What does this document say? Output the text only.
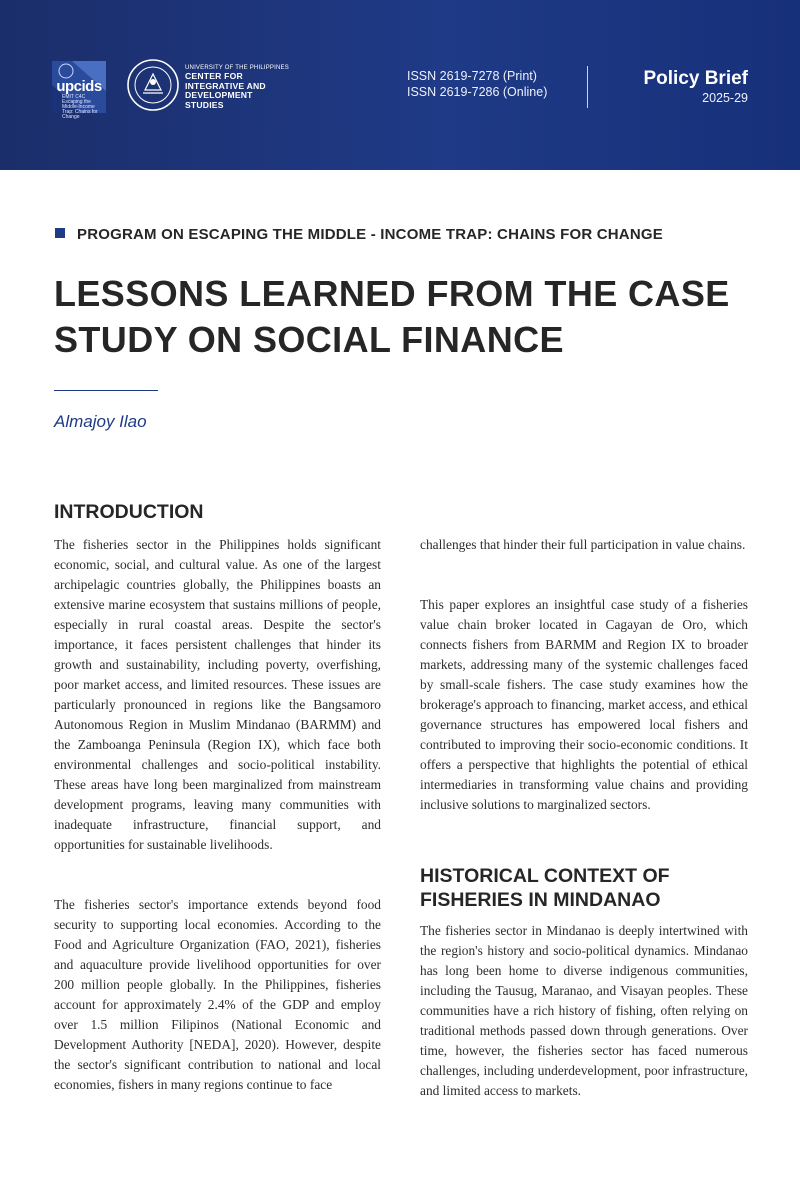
upcids
EMIT C4C Escaping the Middle-Income Trap: Chains for Change
UNIVERSITY OF THE PHILIPPINES
CENTER FOR
INTEGRATIVE AND
DEVELOPMENT
STUDIES
ISSN 2619-7278 (Print)
ISSN 2619-7286 (Online)
Policy Brief
2025-29
PROGRAM ON ESCAPING THE MIDDLE - INCOME TRAP: CHAINS FOR CHANGE
LESSONS LEARNED FROM THE CASE STUDY ON SOCIAL FINANCE
Almajoy Ilao
INTRODUCTION

The fisheries sector in the Philippines holds significant economic, social, and cultural value. As one of the largest archipelagic countries globally, the Philippines boasts an extensive marine ecosystem that sustains millions of people, especially in rural coastal areas. Despite the sector's importance, it faces persistent challenges that hinder its growth and sustainability, including poverty, overfishing, poor market access, and limited resources. These issues are particularly pronounced in regions like the Bangsamoro Autonomous Region in Muslim Mindanao (BARMM) and the Zamboanga Peninsula (Region IX), which face both environmental challenges and socio-political instability. These areas have long been marginalized from mainstream development programs, leaving many communities with inadequate infrastructure, financial support, and opportunities for sustainable livelihoods.

The fisheries sector's importance extends beyond food security to supporting local economies. According to the Food and Agriculture Organization (FAO, 2021), fisheries and aquaculture provide livelihood opportunities for over 200 million people globally. In the Philippines, fisheries account for approximately 2.4% of the GDP and employ over 1.5 million Filipinos (National Economic and Development Authority [NEDA], 2020). However, despite the sector's significant contribution to national and local economies, fishers in many regions continue to face

challenges that hinder their full participation in value chains.

This paper explores an insightful case study of a fisheries value chain broker located in Cagayan de Oro, which connects fishers from BARMM and Region IX to broader markets, addressing many of the systemic challenges faced by small-scale fishers. The case study examines how the brokerage's approach to financing, market access, and ethical governance structures has empowered local fishers and contributed to improving their socio-economic conditions. It offers a perspective that highlights the potential of ethical intermediaries in transforming value chains and providing inclusive solutions to marginalized sectors.

HISTORICAL CONTEXT OF
FISHERIES IN MINDANAO

The fisheries sector in Mindanao is deeply intertwined with the region's history and socio-political dynamics. Mindanao has long been home to diverse indigenous communities, including the Tausug, Maranao, and Visayan peoples. These communities have a rich history of fishing, often relying on traditional methods passed down through generations. Over time, however, the fisheries sector has faced numerous challenges, including underdevelopment, poor infrastructure, and limited access to markets.
